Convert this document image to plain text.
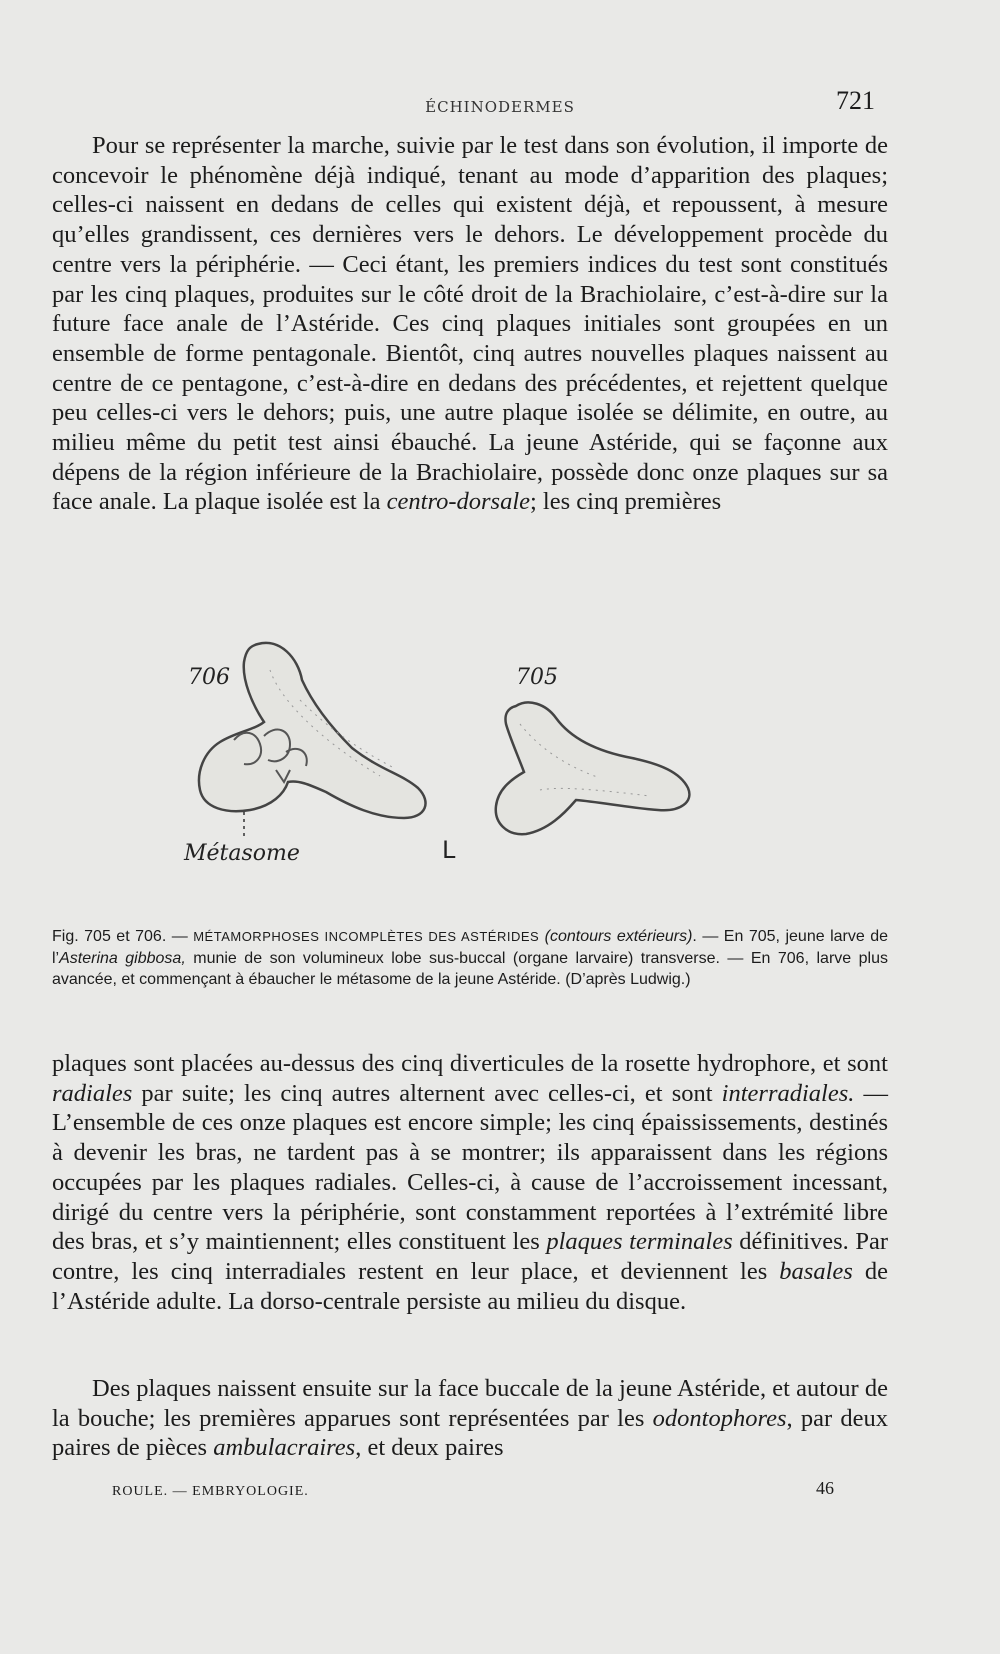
ÉCHINODERMES	721

Pour se représenter la marche, suivie par le test dans son évolution, il importe de concevoir le phénomène déjà indiqué, tenant au mode d’apparition des plaques; celles-ci naissent en dedans de celles qui existent déjà, et repoussent, à mesure qu’elles grandissent, ces dernières vers le dehors. Le développement procède du centre vers la périphérie. — Ceci étant, les premiers indices du test sont constitués par les cinq plaques, produites sur le côté droit de la Brachiolaire, c’est-à-dire sur la future face anale de l’Astéride. Ces cinq plaques initiales sont groupées en un ensemble de forme pentagonale. Bientôt, cinq autres nouvelles plaques naissent au centre de ce pentagone, c’est-à-dire en dedans des précédentes, et rejettent quelque peu celles-ci vers le dehors; puis, une autre plaque isolée se délimite, en outre, au milieu même du petit test ainsi ébauché. La jeune Astéride, qui se façonne aux dépens de la région inférieure de la Brachiolaire, possède donc onze plaques sur sa face anale. La plaque isolée est la centro-dorsale; les cinq premières

706	705
Métasome	L

Fig. 705 et 706. — MÉTAMORPHOSES INCOMPLÈTES DES ASTÉRIDES (contours extérieurs). — En 705, jeune larve de l’Asterina gibbosa, munie de son volumineux lobe sus-buccal (organe larvaire) transverse. — En 706, larve plus avancée, et commençant à ébaucher le métasome de la jeune Astéride. (D’après Ludwig.)

plaques sont placées au-dessus des cinq diverticules de la rosette hydrophore, et sont radiales par suite; les cinq autres alternent avec celles-ci, et sont interradiales. — L’ensemble de ces onze plaques est encore simple; les cinq épaississements, destinés à devenir les bras, ne tardent pas à se montrer; ils apparaissent dans les régions occupées par les plaques radiales. Celles-ci, à cause de l’accroissement incessant, dirigé du centre vers la périphérie, sont constamment reportées à l’extrémité libre des bras, et s’y maintiennent; elles constituent les plaques terminales définitives. Par contre, les cinq interradiales restent en leur place, et deviennent les basales de l’Astéride adulte. La dorso-centrale persiste au milieu du disque.

Des plaques naissent ensuite sur la face buccale de la jeune Astéride, et autour de la bouche; les premières apparues sont représentées par les odontophores, par deux paires de pièces ambulacraires, et deux paires

ROULE. — EMBRYOLOGIE.	46
